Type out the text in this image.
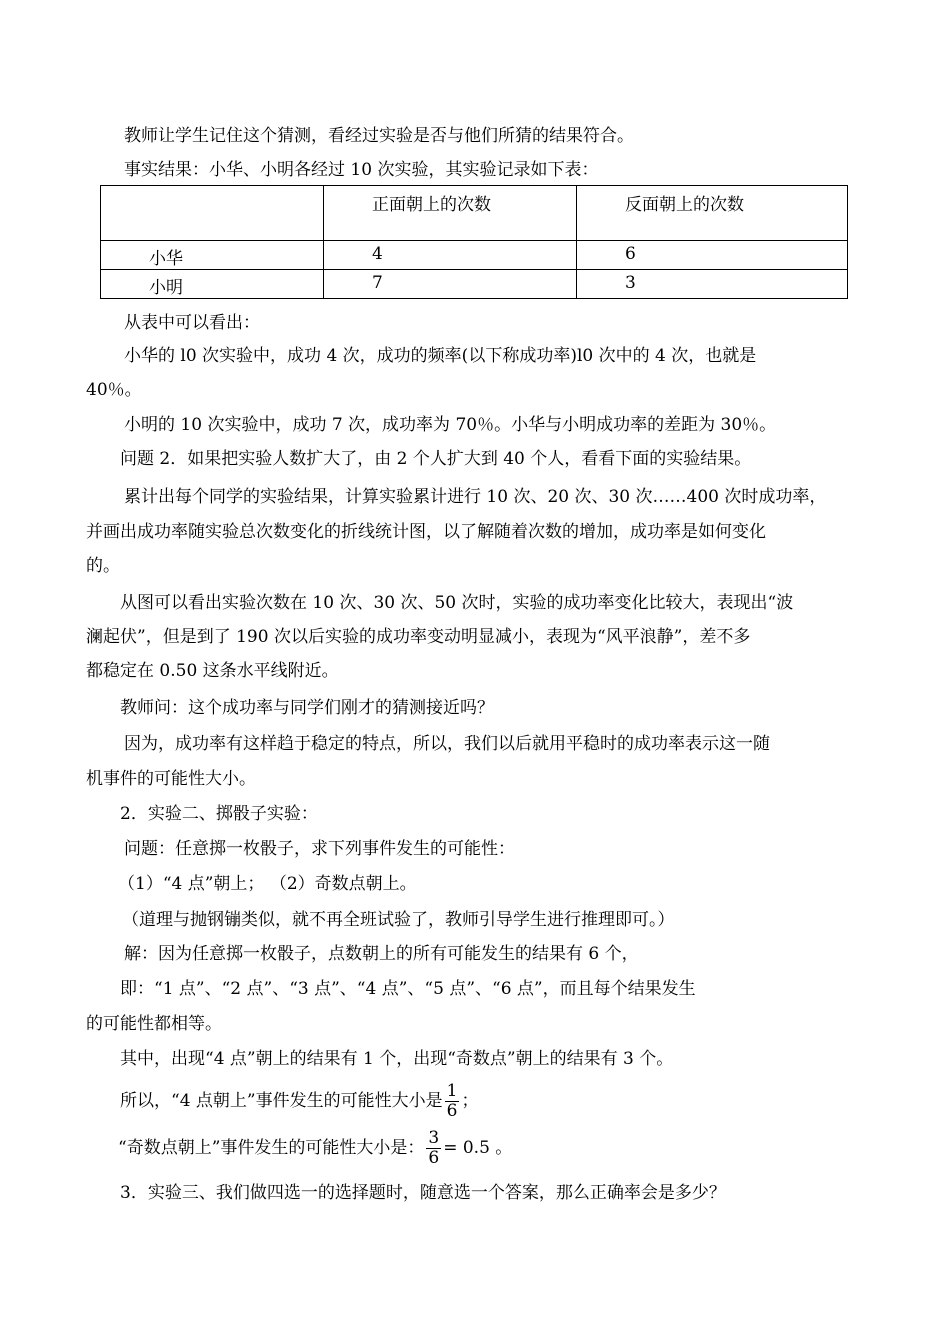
教师让学生记住这个猜测，看经过实验是否与他们所猜的结果符合。
事实结果：小华、小明各经过 10 次实验，其实验记录如下表：

	正面朝上的次数	反面朝上的次数

小华	4	6

小明	7	3
从表中可以看出：
小华的 l0 次实验中，成功 4 次，成功的频率(以下称成功率)l0 次中的 4 次，也就是
40％。
小明的 10 次实验中，成功 7 次，成功率为 70％。小华与小明成功率的差距为 30％。
问题 2．如果把实验人数扩大了，由 2 个人扩大到 40 个人，看看下面的实验结果。
累计出每个同学的实验结果，计算实验累计进行 10 次、20 次、30 次……400 次时成功率，
并画出成功率随实验总次数变化的折线统计图，以了解随着次数的增加，成功率是如何变化
的。
从图可以看出实验次数在 10 次、30 次、50 次时，实验的成功率变化比较大，表现出“波
澜起伏”，但是到了 190 次以后实验的成功率变动明显减小，表现为“风平浪静”，差不多
都稳定在 0.50 这条水平线附近。
教师问：这个成功率与同学们刚才的猜测接近吗？
因为，成功率有这样趋于稳定的特点，所以，我们以后就用平稳时的成功率表示这一随
机事件的可能性大小。
2．实验二、掷骰子实验：
问题：任意掷一枚骰子，求下列事件发生的可能性：
（1）“4 点”朝上； （2）奇数点朝上。
（道理与抛钢镚类似，就不再全班试验了，教师引导学生进行推理即可。）
解：因为任意掷一枚骰子，点数朝上的所有可能发生的结果有 6 个，
即：“1 点”、“2 点”、“3 点”、“4 点”、“5 点”、“6 点”，而且每个结果发生
的可能性都相等。
其中，出现“4 点”朝上的结果有 1 个，出现“奇数点”朝上的结果有 3 个。
所以，“4 点朝上”事件发生的可能性大小是 $\frac{1}{6}$ ；
“奇数点朝上”事件发生的可能性大小是： $\frac{3}{6} = 0.5$ 。
3．实验三、我们做四选一的选择题时，随意选一个答案，那么正确率会是多少？
